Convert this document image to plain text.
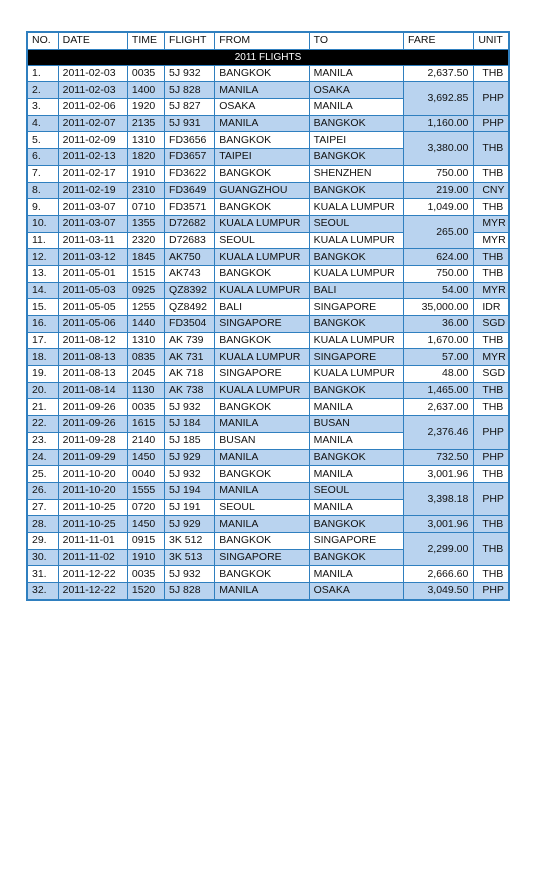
NO.	DATE	TIME	FLIGHT	FROM	TO	FARE	UNIT
2011 FLIGHTS							
1.	2011-02-03	0035	5J 932	BANGKOK	MANILA	2,637.50	THB
2.	2011-02-03	1400	5J 828	MANILA	OSAKA	3,692.85	PHP
3.	2011-02-06	1920	5J 827	OSAKA	MANILA		
4.	2011-02-07	2135	5J 931	MANILA	BANGKOK	1,160.00	PHP
5.	2011-02-09	1310	FD3656	BANGKOK	TAIPEI	3,380.00	THB
6.	2011-02-13	1820	FD3657	TAIPEI	BANGKOK		
7.	2011-02-17	1910	FD3622	BANGKOK	SHENZHEN	750.00	THB
8.	2011-02-19	2310	FD3649	GUANGZHOU	BANGKOK	219.00	CNY
9.	2011-03-07	0710	FD3571	BANGKOK	KUALA LUMPUR	1,049.00	THB
10.	2011-03-07	1355	D72682	KUALA LUMPUR	SEOUL	265.00	MYR
11.	2011-03-11	2320	D72683	SEOUL	KUALA LUMPUR		MYR
12.	2011-03-12	1845	AK750	KUALA LUMPUR	BANGKOK	624.00	THB
13.	2011-05-01	1515	AK743	BANGKOK	KUALA LUMPUR	750.00	THB
14.	2011-05-03	0925	QZ8392	KUALA LUMPUR	BALI	54.00	MYR
15.	2011-05-05	1255	QZ8492	BALI	SINGAPORE	35,000.00	IDR
16.	2011-05-06	1440	FD3504	SINGAPORE	BANGKOK	36.00	SGD
17.	2011-08-12	1310	AK 739	BANGKOK	KUALA LUMPUR	1,670.00	THB
18.	2011-08-13	0835	AK 731	KUALA LUMPUR	SINGAPORE	57.00	MYR
19.	2011-08-13	2045	AK 718	SINGAPORE	KUALA LUMPUR	48.00	SGD
20.	2011-08-14	1130	AK 738	KUALA LUMPUR	BANGKOK	1,465.00	THB
21.	2011-09-26	0035	5J 932	BANGKOK	MANILA	2,637.00	THB
22.	2011-09-26	1615	5J 184	MANILA	BUSAN	2,376.46	PHP
23.	2011-09-28	2140	5J 185	BUSAN	MANILA		
24.	2011-09-29	1450	5J 929	MANILA	BANGKOK	732.50	PHP
25.	2011-10-20	0040	5J 932	BANGKOK	MANILA	3,001.96	THB
26.	2011-10-20	1555	5J 194	MANILA	SEOUL	3,398.18	PHP
27.	2011-10-25	0720	5J 191	SEOUL	MANILA		
28.	2011-10-25	1450	5J 929	MANILA	BANGKOK	3,001.96	THB
29.	2011-11-01	0915	3K 512	BANGKOK	SINGAPORE	2,299.00	THB
30.	2011-11-02	1910	3K 513	SINGAPORE	BANGKOK		
31.	2011-12-22	0035	5J 932	BANGKOK	MANILA	2,666.60	THB
32.	2011-12-22	1520	5J 828	MANILA	OSAKA	3,049.50	PHP
